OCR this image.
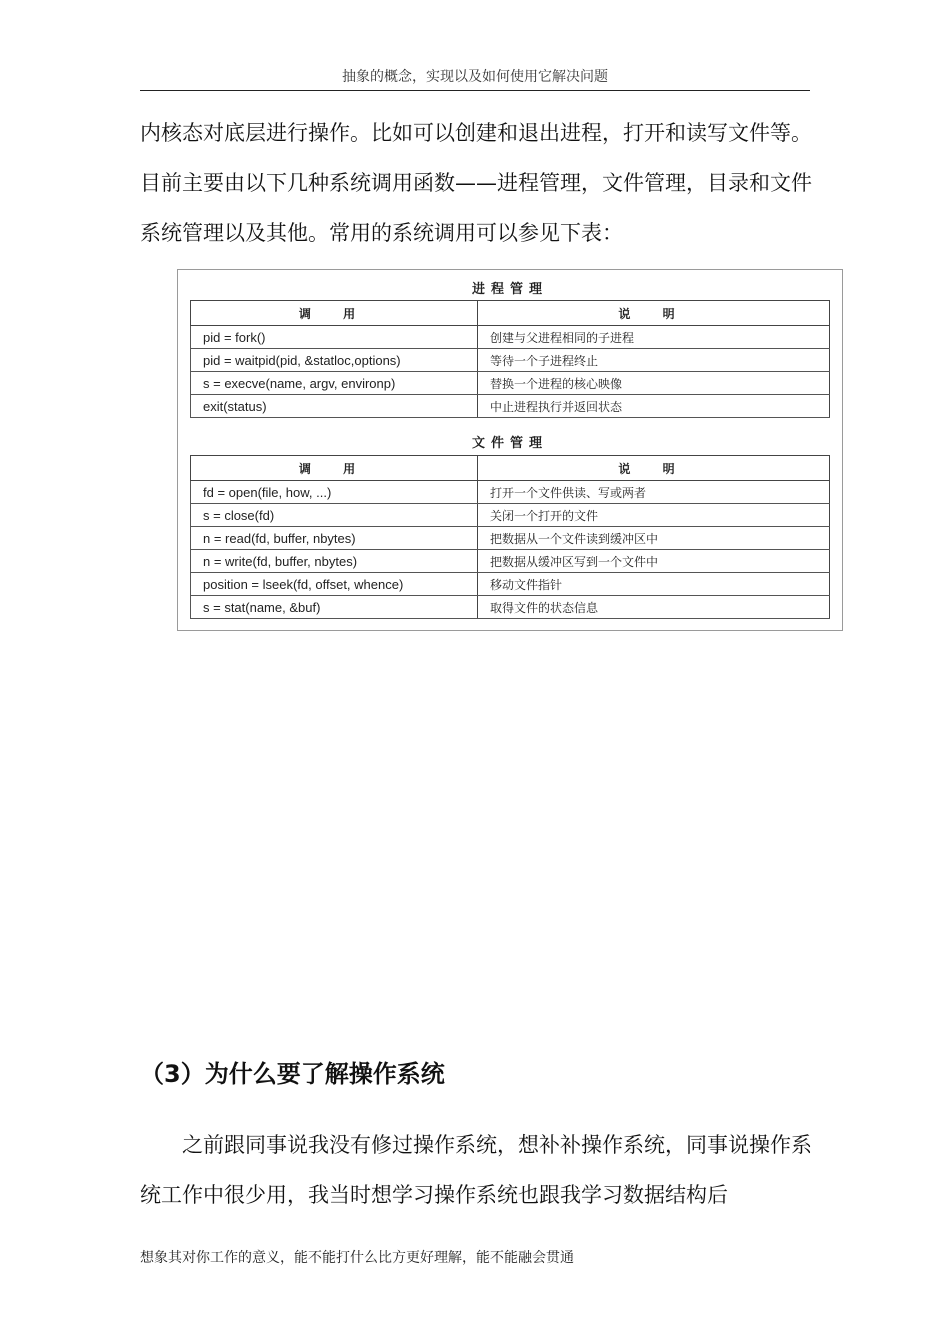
抽象的概念，实现以及如何使用它解决问题

内核态对底层进行操作。比如可以创建和退出进程，打开和读写文件等。目前主要由以下几种系统调用函数——进程管理，文件管理，目录和文件系统管理以及其他。常用的系统调用可以参见下表：

进程管理
调 用	说 明
pid = fork()	创建与父进程相同的子进程
pid = waitpid(pid, &statloc,options)	等待一个子进程终止
s = execve(name, argv, environp)	替换一个进程的核心映像
exit(status)	中止进程执行并返回状态
文件管理
调 用	说 明
fd = open(file, how, ...)	打开一个文件供读、写或两者
s = close(fd)	关闭一个打开的文件
n = read(fd, buffer, nbytes)	把数据从一个文件读到缓冲区中
n = write(fd, buffer, nbytes)	把数据从缓冲区写到一个文件中
position = lseek(fd, offset, whence)	移动文件指针
s = stat(name, &buf)	取得文件的状态信息
（3）为什么要了解操作系统

之前跟同事说我没有修过操作系统，想补补操作系统，同事说操作系统工作中很少用，我当时想学习操作系统也跟我学习数据结构后

想象其对你工作的意义，能不能打什么比方更好理解，能不能融会贯通
